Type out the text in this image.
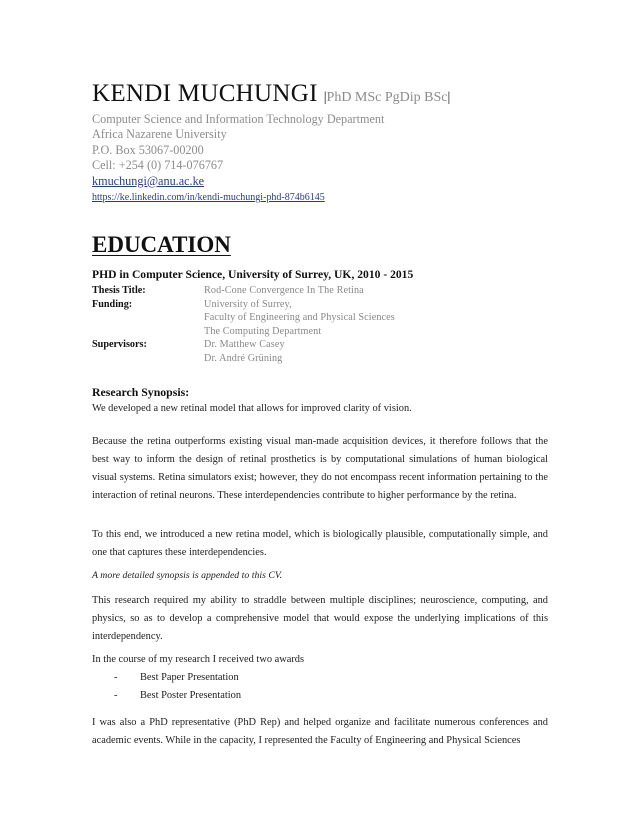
KENDI MUCHUNGI |PhD MSc PgDip BSc|
Computer Science and Information Technology Department
Africa Nazarene University
P.O. Box 53067-00200
Cell: +254 (0) 714-076767
kmuchungi@anu.ac.ke
https://ke.linkedin.com/in/kendi-muchungi-phd-874b6145
EDUCATION
PHD in Computer Science, University of Surrey, UK, 2010 - 2015
Thesis Title:	Rod-Cone Convergence In The Retina
Funding:	University of Surrey,
Faculty of Engineering and Physical Sciences
The Computing Department
Supervisors:	Dr. Matthew Casey
Dr. André Grüning
Research Synopsis:
We developed a new retinal model that allows for improved clarity of vision.
Because the retina outperforms existing visual man-made acquisition devices, it therefore follows that the best way to inform the design of retinal prosthetics is by computational simulations of human biological visual systems. Retina simulators exist; however, they do not encompass recent information pertaining to the interaction of retinal neurons. These interdependencies contribute to higher performance by the retina.
To this end, we introduced a new retina model, which is biologically plausible, computationally simple, and one that captures these interdependencies.
A more detailed synopsis is appended to this CV.
This research required my ability to straddle between multiple disciplines; neuroscience, computing, and physics, so as to develop a comprehensive model that would expose the underlying implications of this interdependency.
In the course of my research I received two awards
-	Best Paper Presentation
-	Best Poster Presentation
I was also a PhD representative (PhD Rep) and helped organize and facilitate numerous conferences and academic events. While in the capacity, I represented the Faculty of Engineering and Physical Sciences
